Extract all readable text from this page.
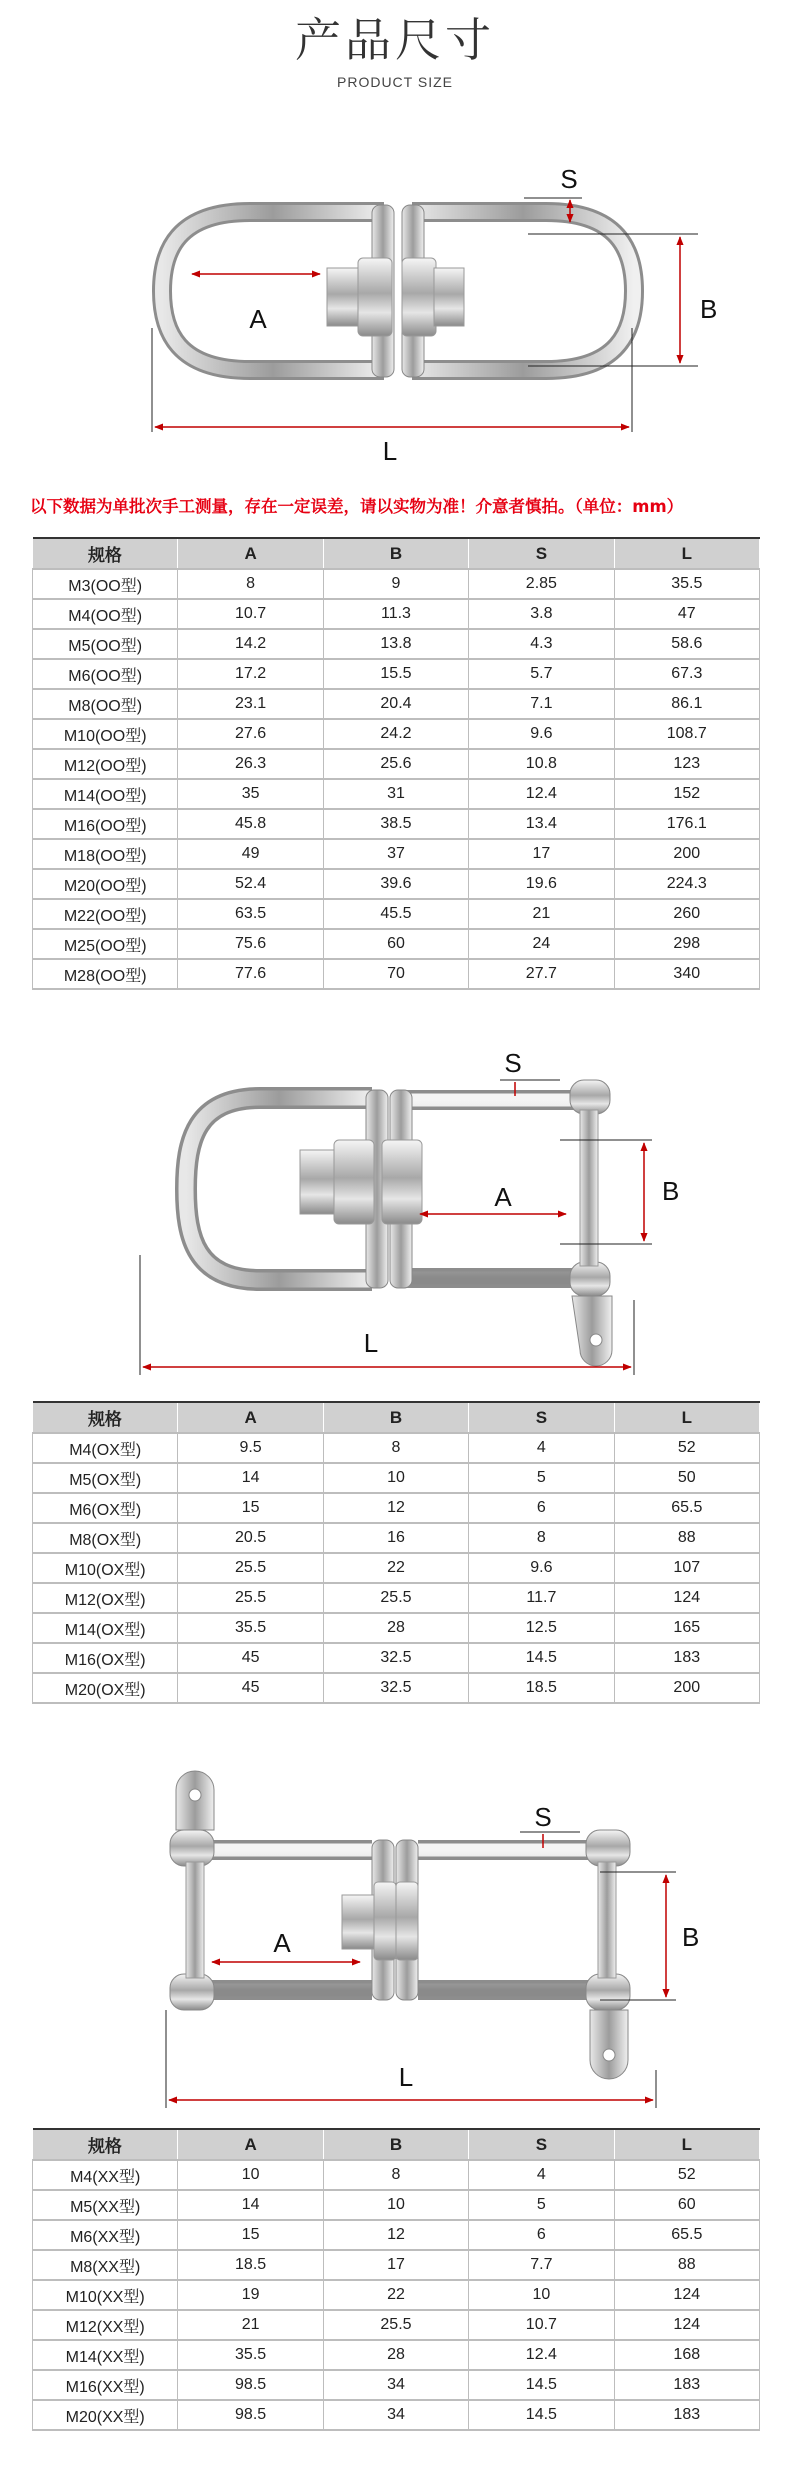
产品尺寸
PRODUCT SIZE
A	B
S
L
以下数据为单批次手工测量，存在一定误差，请以实物为准！介意者慎拍。（单位：mm）
规格	A	B	S	L
M3(OO型)	8	9	2.85	35.5
M4(OO型)	10.7	11.3	3.8	47
M5(OO型)	14.2	13.8	4.3	58.6
M6(OO型)	17.2	15.5	5.7	67.3
M8(OO型)	23.1	20.4	7.1	86.1
M10(OO型)	27.6	24.2	9.6	108.7
M12(OO型)	26.3	25.6	10.8	123
M14(OO型)	35	31	12.4	152
M16(OO型)	45.8	38.5	13.4	176.1
M18(OO型)	49	37	17	200
M20(OO型)	52.4	39.6	19.6	224.3
M22(OO型)	63.5	45.5	21	260
M25(OO型)	75.6	60	24	298
M28(OO型)	77.6	70	27.7	340
A	B
S
L
规格	A	B	S	L
M4(OX型)	9.5	8	4	52
M5(OX型)	14	10	5	50
M6(OX型)	15	12	6	65.5
M8(OX型)	20.5	16	8	88
M10(OX型)	25.5	22	9.6	107
M12(OX型)	25.5	25.5	11.7	124
M14(OX型)	35.5	28	12.5	165
M16(OX型)	45	32.5	14.5	183
M20(OX型)	45	32.5	18.5	200
A	B
S
L
规格	A	B	S	L
M4(XX型)	10	8	4	52
M5(XX型)	14	10	5	60
M6(XX型)	15	12	6	65.5
M8(XX型)	18.5	17	7.7	88
M10(XX型)	19	22	10	124
M12(XX型)	21	25.5	10.7	124
M14(XX型)	35.5	28	12.4	168
M16(XX型)	98.5	34	14.5	183
M20(XX型)	98.5	34	14.5	183
